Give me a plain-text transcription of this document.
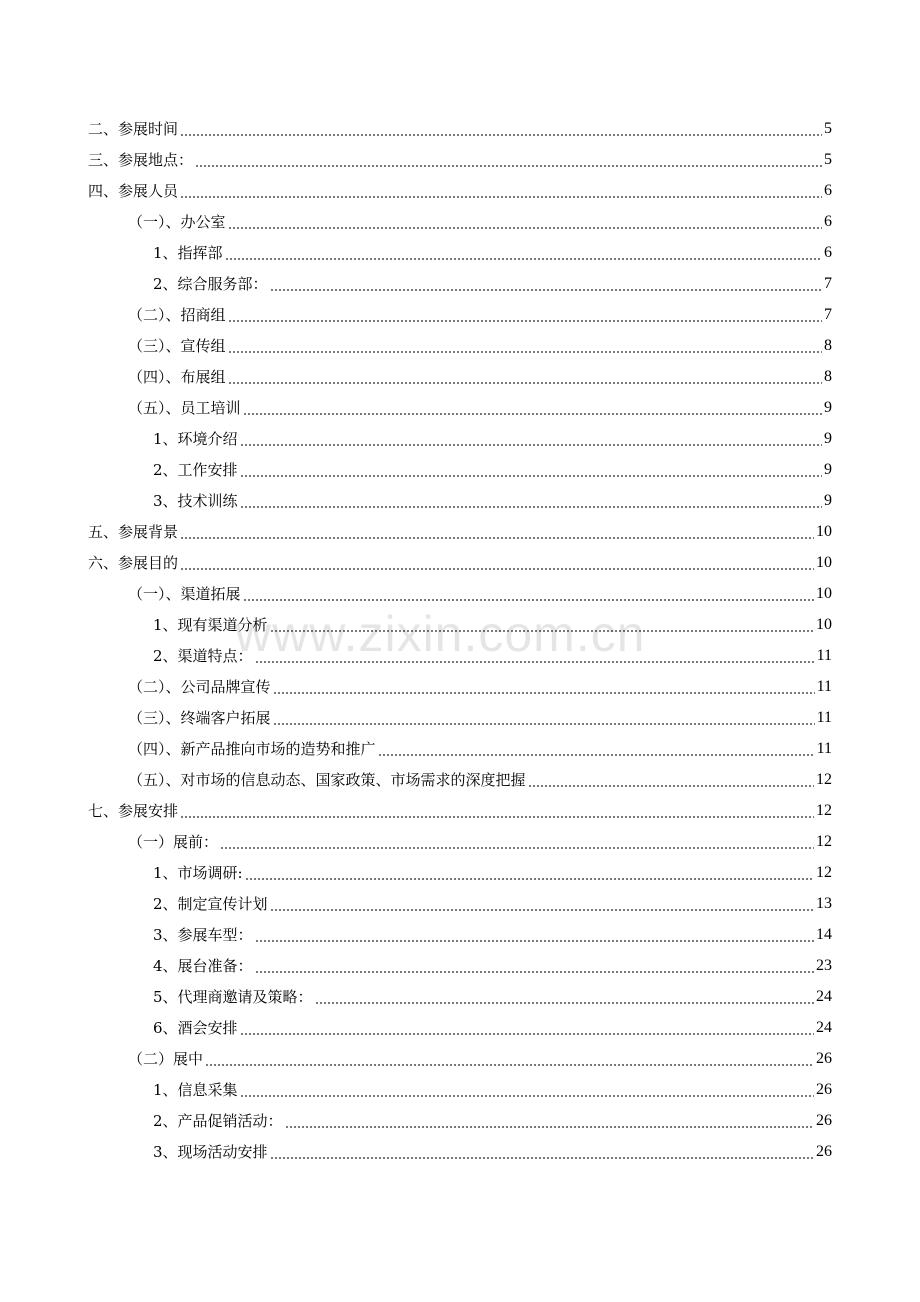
二、参展时间	5
三、参展地点：	5
四、参展人员	6
（一）、办公室	6
1、指挥部	6
2、综合服务部：	7
（二）、招商组	7
（三）、宣传组	8
（四）、布展组	8
（五）、员工培训	9
1、环境介绍	9
2、工作安排	9
3、技术训练	9
五、参展背景	10
六、参展目的	10
（一）、渠道拓展	10
1、现有渠道分析	10
2、渠道特点：	11
（二）、公司品牌宣传	11
（三）、终端客户拓展	11
（四）、新产品推向市场的造势和推广	11
（五）、对市场的信息动态、国家政策、市场需求的深度把握	12
七、参展安排	12
（一）展前：	12
1、市场调研:	12
2、制定宣传计划	13
3、参展车型：	14
4、展台准备：	23
5、代理商邀请及策略：	24
6、酒会安排	24
（二）展中	26
1、信息采集	26
2、产品促销活动：	26
3、现场活动安排	26
www.zixin.com.cn
